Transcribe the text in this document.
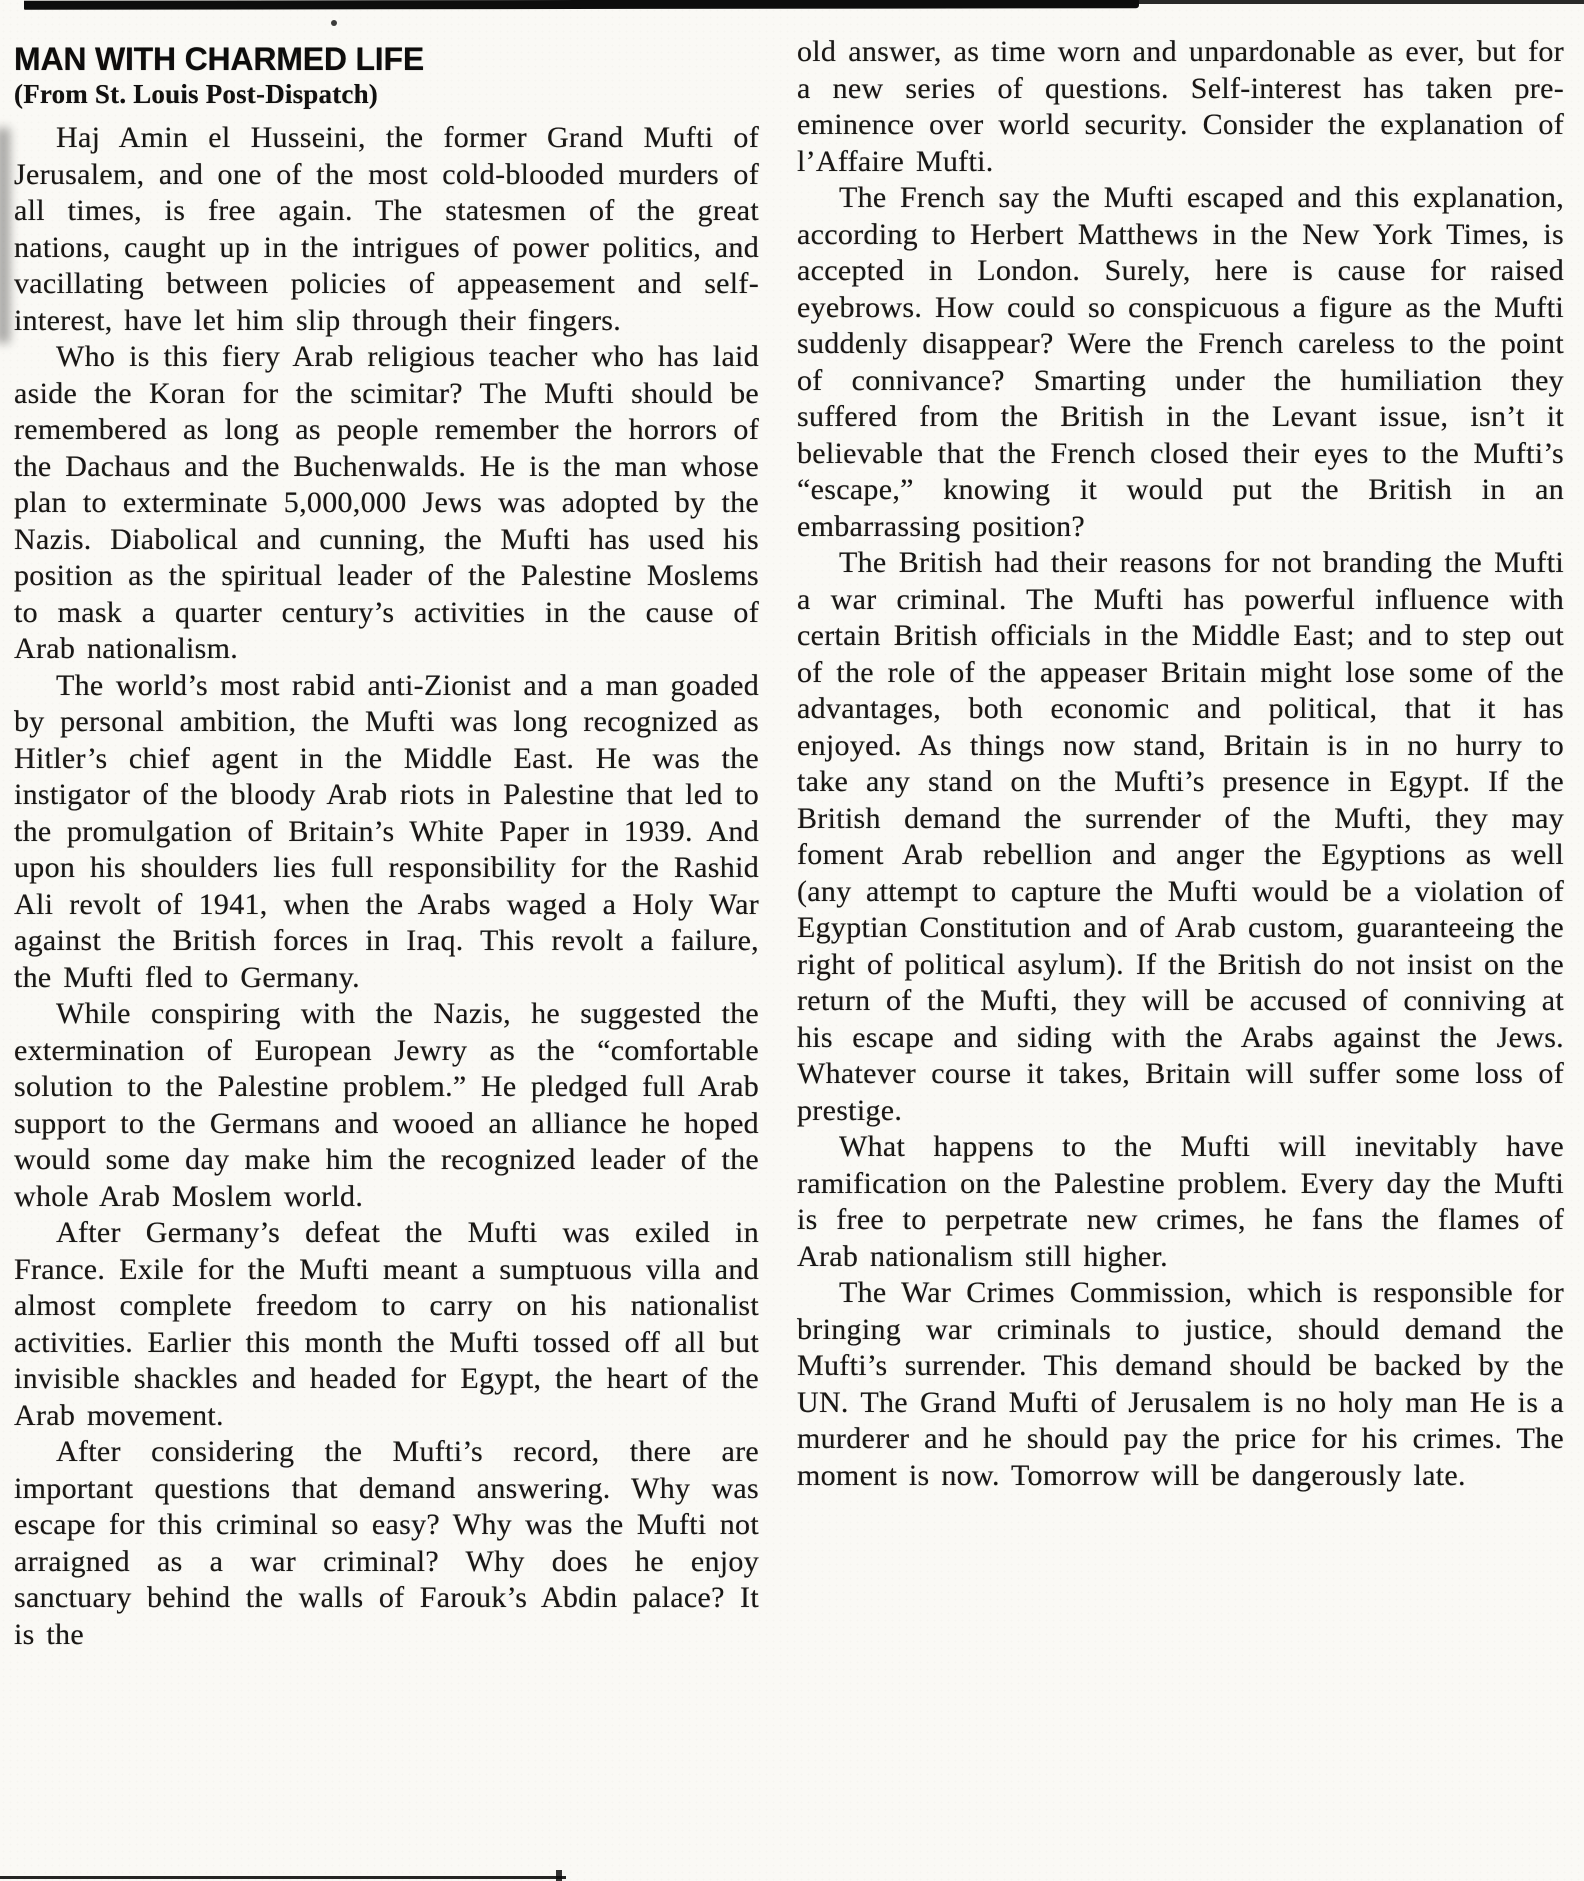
MAN WITH CHARMED LIFE
(From St. Louis Post-Dispatch)

Haj Amin el Husseini, the former Grand Mufti of Jerusalem, and one of the most cold-blooded murders of all times, is free again. The statesmen of the great nations, caught up in the intrigues of power politics, and vacillating between policies of appeasement and self-interest, have let him slip through their fingers.

Who is this fiery Arab religious teacher who has laid aside the Koran for the scimitar? The Mufti should be remembered as long as people remember the horrors of the Dachaus and the Buchenwalds. He is the man whose plan to exterminate 5,000,000 Jews was adopted by the Nazis. Diabolical and cunning, the Mufti has used his position as the spiritual leader of the Palestine Moslems to mask a quarter century’s activities in the cause of Arab nationalism.

The world’s most rabid anti-Zionist and a man goaded by personal ambition, the Mufti was long recognized as Hitler’s chief agent in the Middle East. He was the instigator of the bloody Arab riots in Palestine that led to the promulgation of Britain’s White Paper in 1939. And upon his shoulders lies full responsibility for the Rashid Ali revolt of 1941, when the Arabs waged a Holy War against the British forces in Iraq. This revolt a failure, the Mufti fled to Germany.

While conspiring with the Nazis, he suggested the extermination of European Jewry as the “comfortable solution to the Palestine problem.” He pledged full Arab support to the Germans and wooed an alliance he hoped would some day make him the recognized leader of the whole Arab Moslem world.

After Germany’s defeat the Mufti was exiled in France. Exile for the Mufti meant a sumptuous villa and almost complete freedom to carry on his nationalist activities. Earlier this month the Mufti tossed off all but invisible shackles and headed for Egypt, the heart of the Arab movement.

After considering the Mufti’s record, there are important questions that demand answering. Why was escape for this criminal so easy? Why was the Mufti not arraigned as a war criminal? Why does he enjoy sanctuary behind the walls of Farouk’s Abdin palace? It is the

old answer, as time worn and unpardonable as ever, but for a new series of questions. Self-interest has taken pre-eminence over world security. Consider the explanation of l’Affaire Mufti.

The French say the Mufti escaped and this explanation, according to Herbert Matthews in the New York Times, is accepted in London. Surely, here is cause for raised eyebrows. How could so conspicuous a figure as the Mufti suddenly disappear? Were the French careless to the point of connivance? Smarting under the humiliation they suffered from the British in the Levant issue, isn’t it believable that the French closed their eyes to the Mufti’s “escape,” knowing it would put the British in an embarrassing position?

The British had their reasons for not branding the Mufti a war criminal. The Mufti has powerful influence with certain British officials in the Middle East; and to step out of the role of the appeaser Britain might lose some of the advantages, both economic and political, that it has enjoyed. As things now stand, Britain is in no hurry to take any stand on the Mufti’s presence in Egypt. If the British demand the surrender of the Mufti, they may foment Arab rebellion and anger the Egyptions as well (any attempt to capture the Mufti would be a violation of Egyptian Constitution and of Arab custom, guaranteeing the right of political asylum). If the British do not insist on the return of the Mufti, they will be accused of conniving at his escape and siding with the Arabs against the Jews. Whatever course it takes, Britain will suffer some loss of prestige.

What happens to the Mufti will inevitably have ramification on the Palestine problem. Every day the Mufti is free to perpetrate new crimes, he fans the flames of Arab nationalism still higher.

The War Crimes Commission, which is responsible for bringing war criminals to justice, should demand the Mufti’s surrender. This demand should be backed by the UN. The Grand Mufti of Jerusalem is no holy man He is a murderer and he should pay the price for his crimes. The moment is now. Tomorrow will be dangerously late.
